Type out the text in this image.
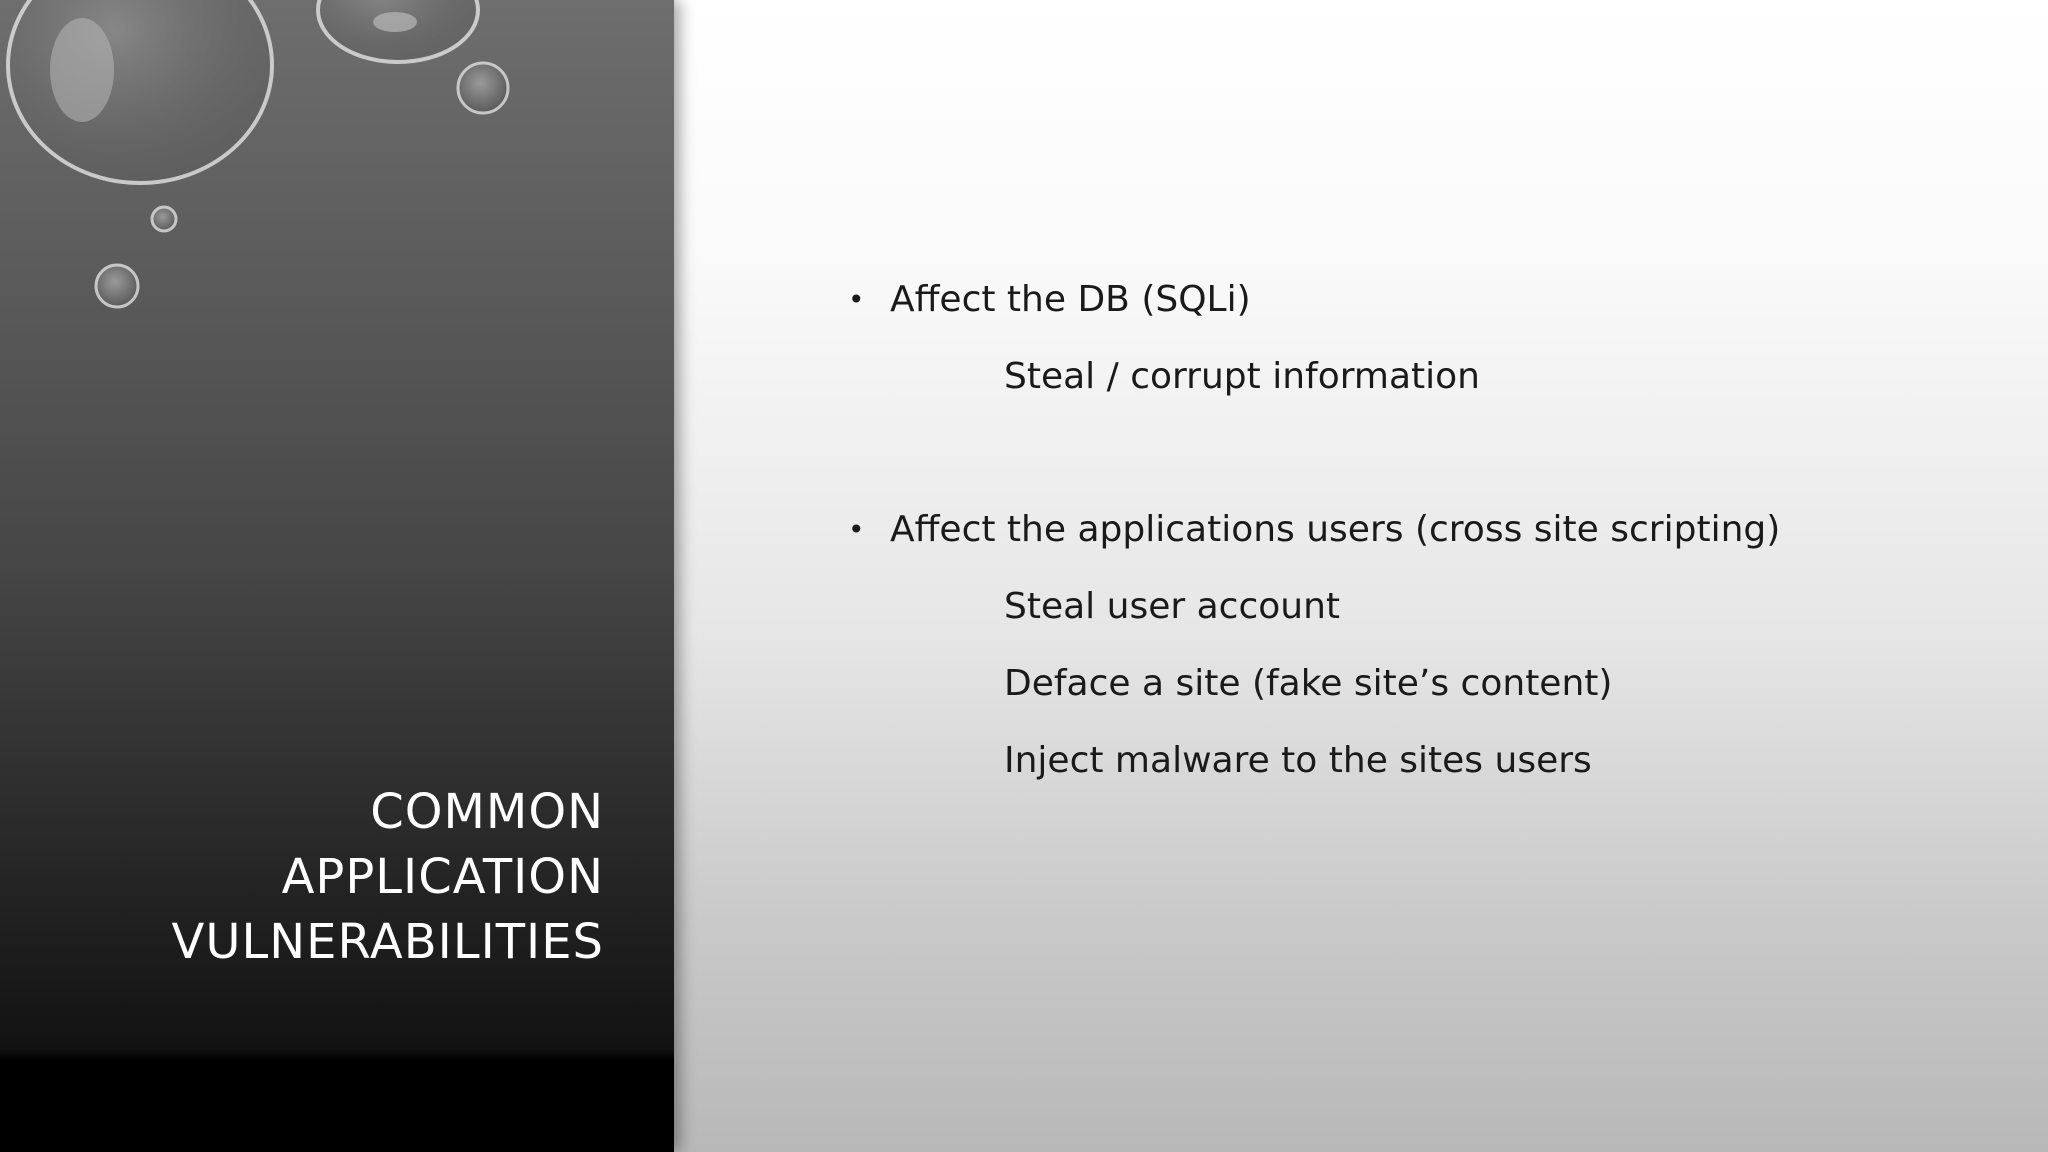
COMMON
APPLICATION
VULNERABILITIES
• Affect the DB (SQLi)
Steal / corrupt information
• Affect the applications users (cross site scripting)
Steal user account
Deface a site (fake site’s content)
Inject malware to the sites users
